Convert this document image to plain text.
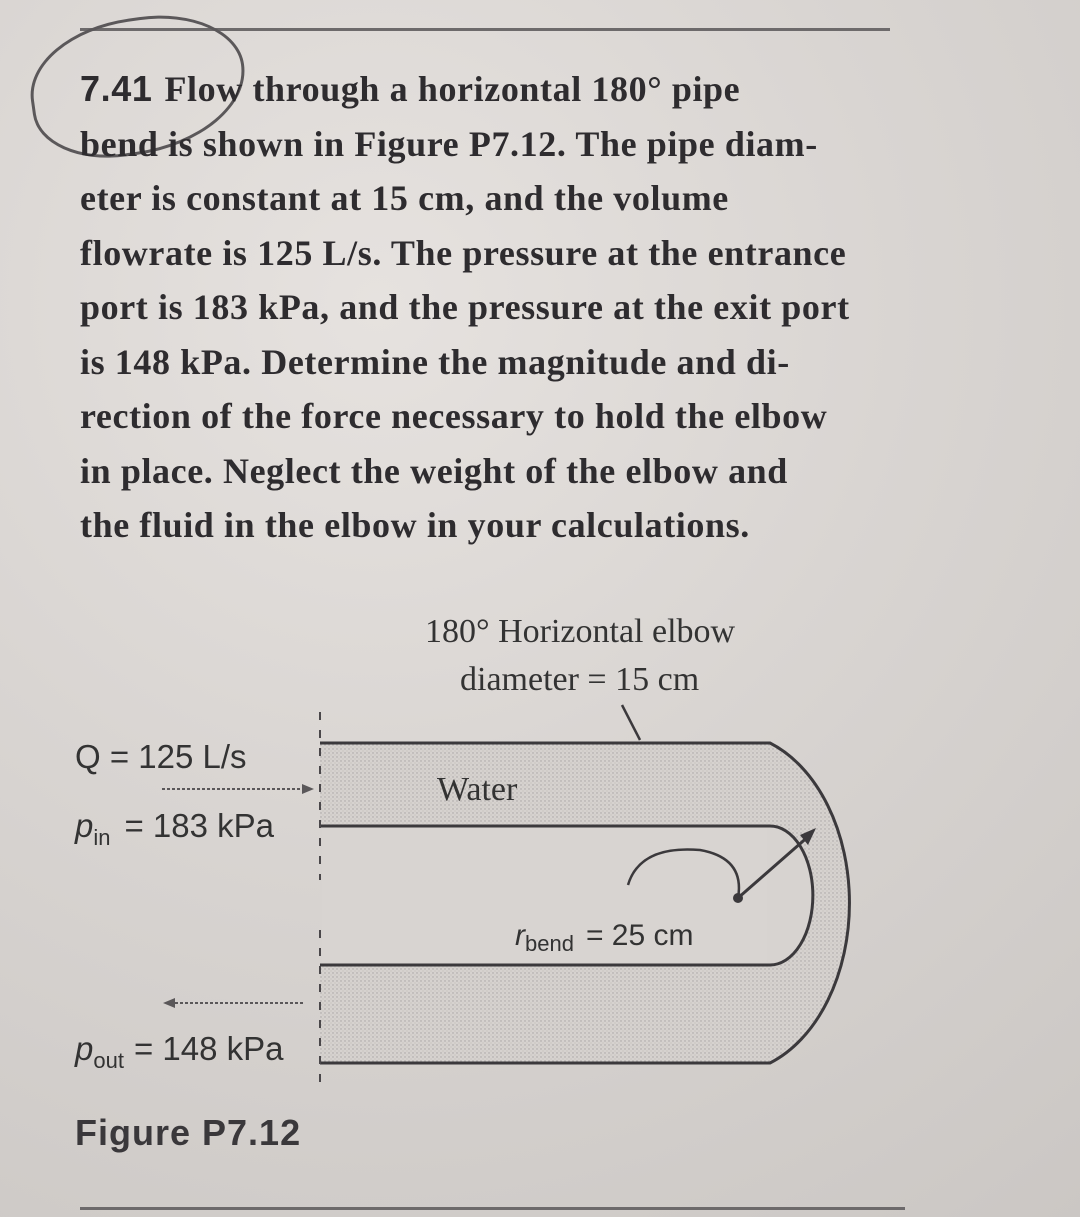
7.41 Flow through a horizontal 180° pipe
bend is shown in Figure P7.12. The pipe diam-
eter is constant at 15 cm, and the volume
flowrate is 125 L/s. The pressure at the entrance
port is 183 kPa, and the pressure at the exit port
is 148 kPa. Determine the magnitude and di-
rection of the force necessary to hold the elbow
in place. Neglect the weight of the elbow and
the fluid in the elbow in your calculations.
180° Horizontal elbow
diameter = 15 cm
Q = 125 L/s
$p_{in} = 183$ kPa
$p_{out} = 148$ kPa
Water
$r_{bend} = 25$ cm
Figure P7.12
